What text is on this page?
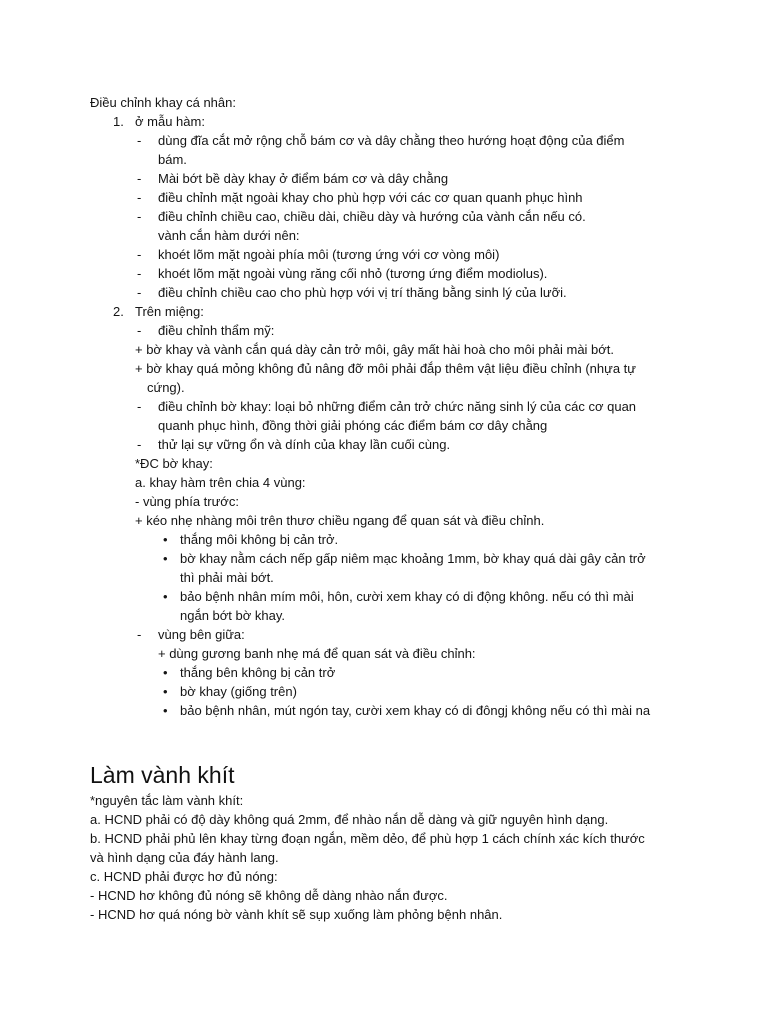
Điều chỉnh khay cá nhân:
1. ở mẫu hàm:
- dùng đĩa cắt mở rộng chỗ bám cơ và dây chằng theo hướng hoạt động của điểm
bám.
- Mài bớt bề dày khay ở điểm bám cơ và dây chằng
- điều chỉnh mặt ngoài khay cho phù hợp với các cơ quan quanh phục hình
- điều chỉnh chiều cao, chiều dài, chiều dày và hướng của vành cắn nếu có.
vành cắn hàm dưới nên:
- khoét lõm mặt ngoài phía môi (tương ứng với cơ vòng môi)
- khoét lõm mặt ngoài vùng răng cối nhỏ (tương ứng điểm modiolus).
- điều chỉnh chiều cao cho phù hợp với vị trí thăng bằng sinh lý của lưỡi.
2. Trên miệng:
- điều chỉnh thẩm mỹ:
+ bờ khay và vành cắn quá dày cản trở môi, gây mất hài hoà cho môi phải mài bớt.
+ bờ khay quá mỏng không đủ nâng đỡ môi phải đắp thêm vật liệu điều chỉnh (nhựa tự
cứng).
- điều chỉnh bờ khay: loại bỏ những điểm cản trở chức năng sinh lý của các cơ quan
quanh phục hình, đồng thời giải phóng các điểm bám cơ dây chằng
- thử lại sự vững ổn và dính của khay lần cuối cùng.
*ĐC bờ khay:
a. khay hàm trên chia 4 vùng:
- vùng phía trước:
+ kéo nhẹ nhàng môi trên thươ chiều ngang để quan sát và điều chỉnh.
• thắng môi không bị cản trở.
• bờ khay nằm cách nếp gấp niêm mạc khoảng 1mm, bờ khay quá dài gây cản trở
thì phải mài bớt.
• bảo bệnh nhân mím môi, hôn, cười xem khay có di động không. nếu có thì mài
ngắn bớt bờ khay.
- vùng bên giữa:
+ dùng gương banh nhẹ má để quan sát và điều chỉnh:
• thắng bên không bị cản trở
• bờ khay (giống trên)
• bảo bệnh nhân, mút ngón tay, cười xem khay có di đôngj không nếu có thì mài na
Làm vành khít
*nguyên tắc làm vành khít:
a. HCND phải có độ dày không quá 2mm, để nhào nắn dễ dàng và giữ nguyên hình dạng.
b. HCND phải phủ lên khay từng đoạn ngắn, mềm dẻo, để phù hợp 1 cách chính xác kích thước
và hình dạng của đáy hành lang.
c. HCND phải được hơ đủ nóng:
- HCND hơ không đủ nóng sẽ không dễ dàng nhào nắn được.
- HCND hơ quá nóng bờ vành khít sẽ sụp xuống làm phỏng bệnh nhân.
